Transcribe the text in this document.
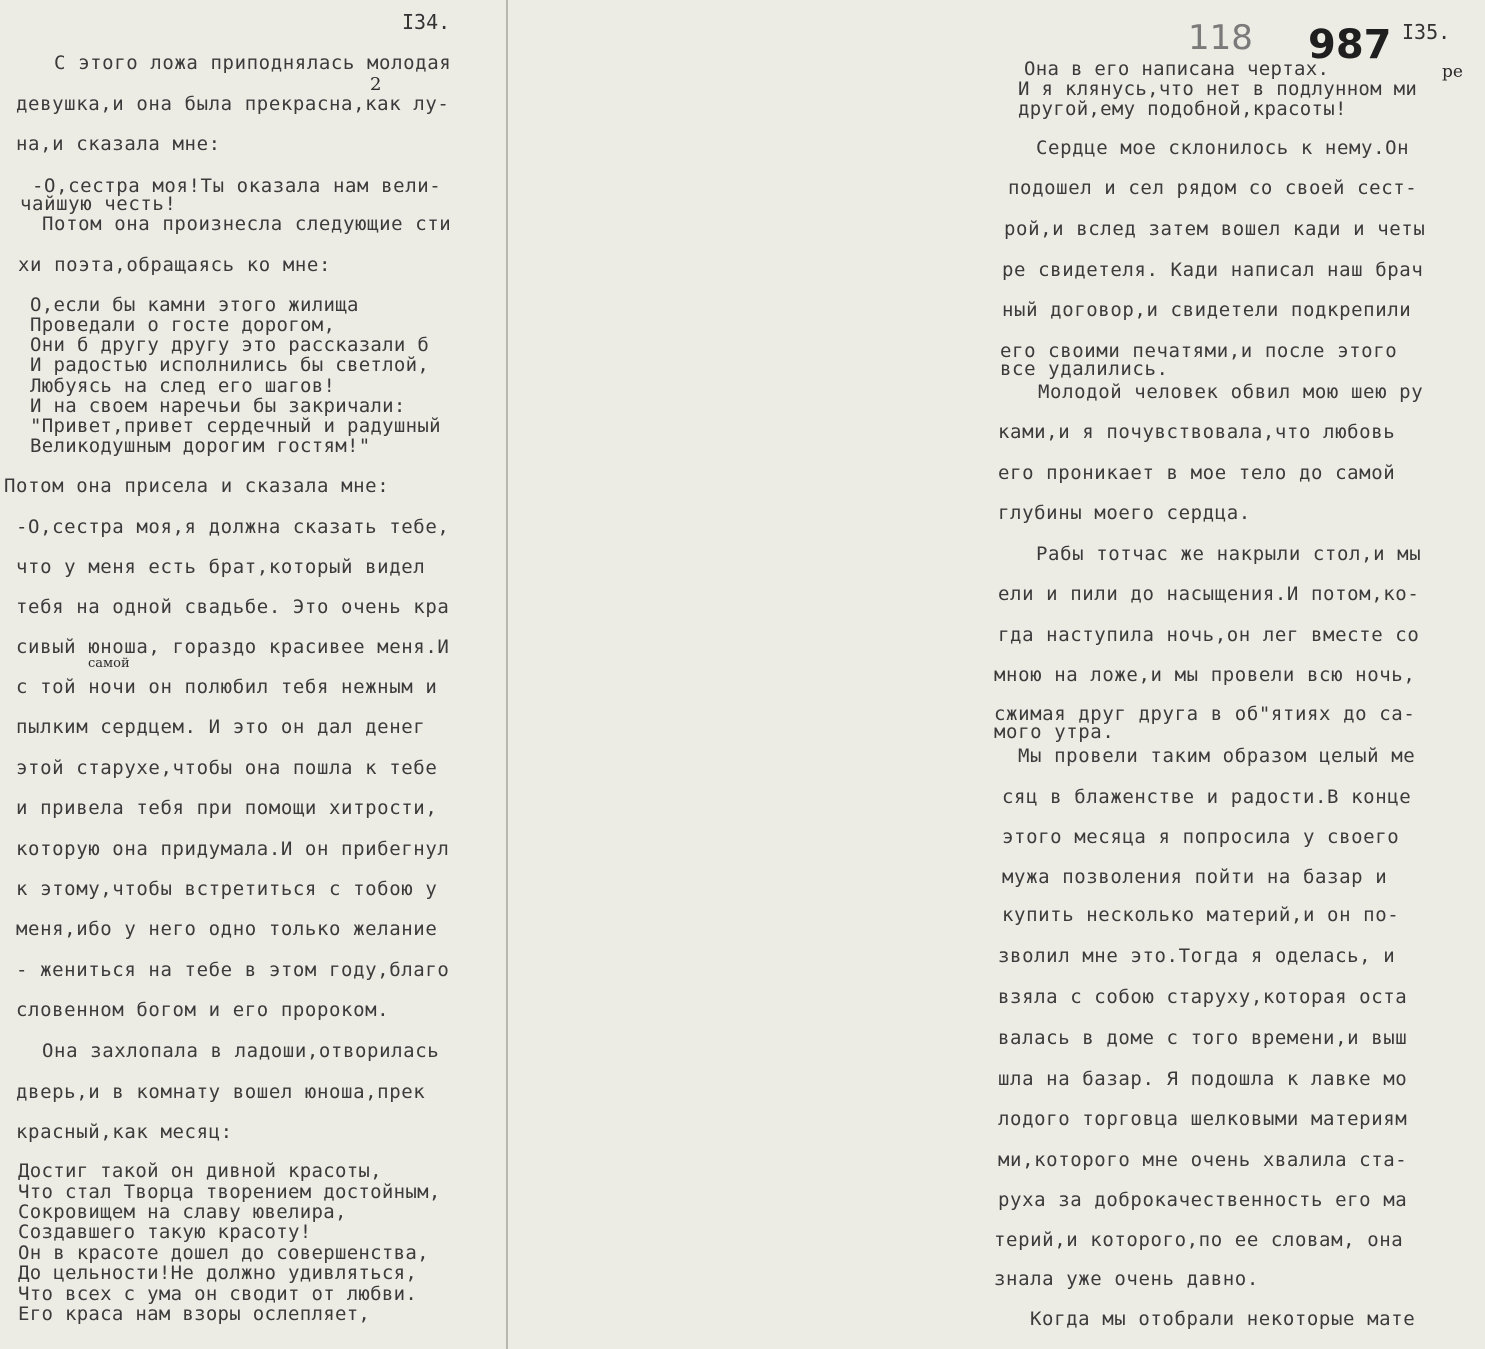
I34.
С этого ложа приподнялась молодая
девушка,и она была прекрасна,как лу-
на,и сказала мне:
-О,сестра моя!Ты оказала нам вели-
чайшую честь!
Потом она произнесла следующие сти
хи поэта,обращаясь ко мне:
О,если бы камни этого жилища
Проведали о госте дорогом,
Они б другу другу это рассказали б
И радостью исполнились бы светлой,
Любуясь на след его шагов!
И на своем наречьи бы закричали:
"Привет,привет сердечный и радушный
Великодушным дорогим гостям!"
Потом она присела и сказала мне:
-О,сестра моя,я должна сказать тебе,
что у меня есть брат,который видел
тебя на одной свадьбе. Это очень кра
сивый юноша, гораздо красивее меня.И
с той ночи он полюбил тебя нежным и
пылким сердцем. И это он дал денег
этой старухе,чтобы она пошла к тебе
и привела тебя при помощи хитрости,
которую она придумала.И он прибегнул
к этому,чтобы встретиться с тобою у
меня,ибо у него одно только желание
- жениться на тебе в этом году,благо
словенном богом и его пророком.
Она захлопала в ладоши,отворилась
дверь,и в комнату вошел юноша,прек
красный,как месяц:
Достиг такой он дивной красоты,
Что стал Творца творением достойным,
Сокровищем на славу ювелира,
Создавшего такую красоту!
Он в красоте дошел до совершенства,
До цельности!Не должно удивляться,
Что всех с ума он сводит от любви.
Его краса нам взоры ослепляет,
2
самой
118 987 I35.
ре
Она в его написана чертах.
И я клянусь,что нет в подлунном ми
другой,ему подобной,красоты!
Сердце мое склонилось к нему.Он
подошел и сел рядом со своей сест-
рой,и вслед затем вошел кади и четы
ре свидетеля. Кади написал наш брач
ный договор,и свидетели подкрепили
его своими печатями,и после этого
все удалились.
Молодой человек обвил мою шею ру
ками,и я почувствовала,что любовь
его проникает в мое тело до самой
глубины моего сердца.
Рабы тотчас же накрыли стол,и мы
ели и пили до насыщения.И потом,ко-
гда наступила ночь,он лег вместе со
мною на ложе,и мы провели всю ночь,
сжимая друг друга в об"ятиях до са-
мого утра.
Мы провели таким образом целый ме
сяц в блаженстве и радости.В конце
этого месяца я попросила у своего
мужа позволения пойти на базар и
купить несколько материй,и он по-
зволил мне это.Тогда я оделась, и
взяла с собою старуху,которая оста
валась в доме с того времени,и выш
шла на базар. Я подошла к лавке мо
лодого торговца шелковыми материям
ми,которого мне очень хвалила ста-
руха за доброкачественность его ма
терий,и которого,по ее словам, она
знала уже очень давно.
Когда мы отобрали некоторые мате
